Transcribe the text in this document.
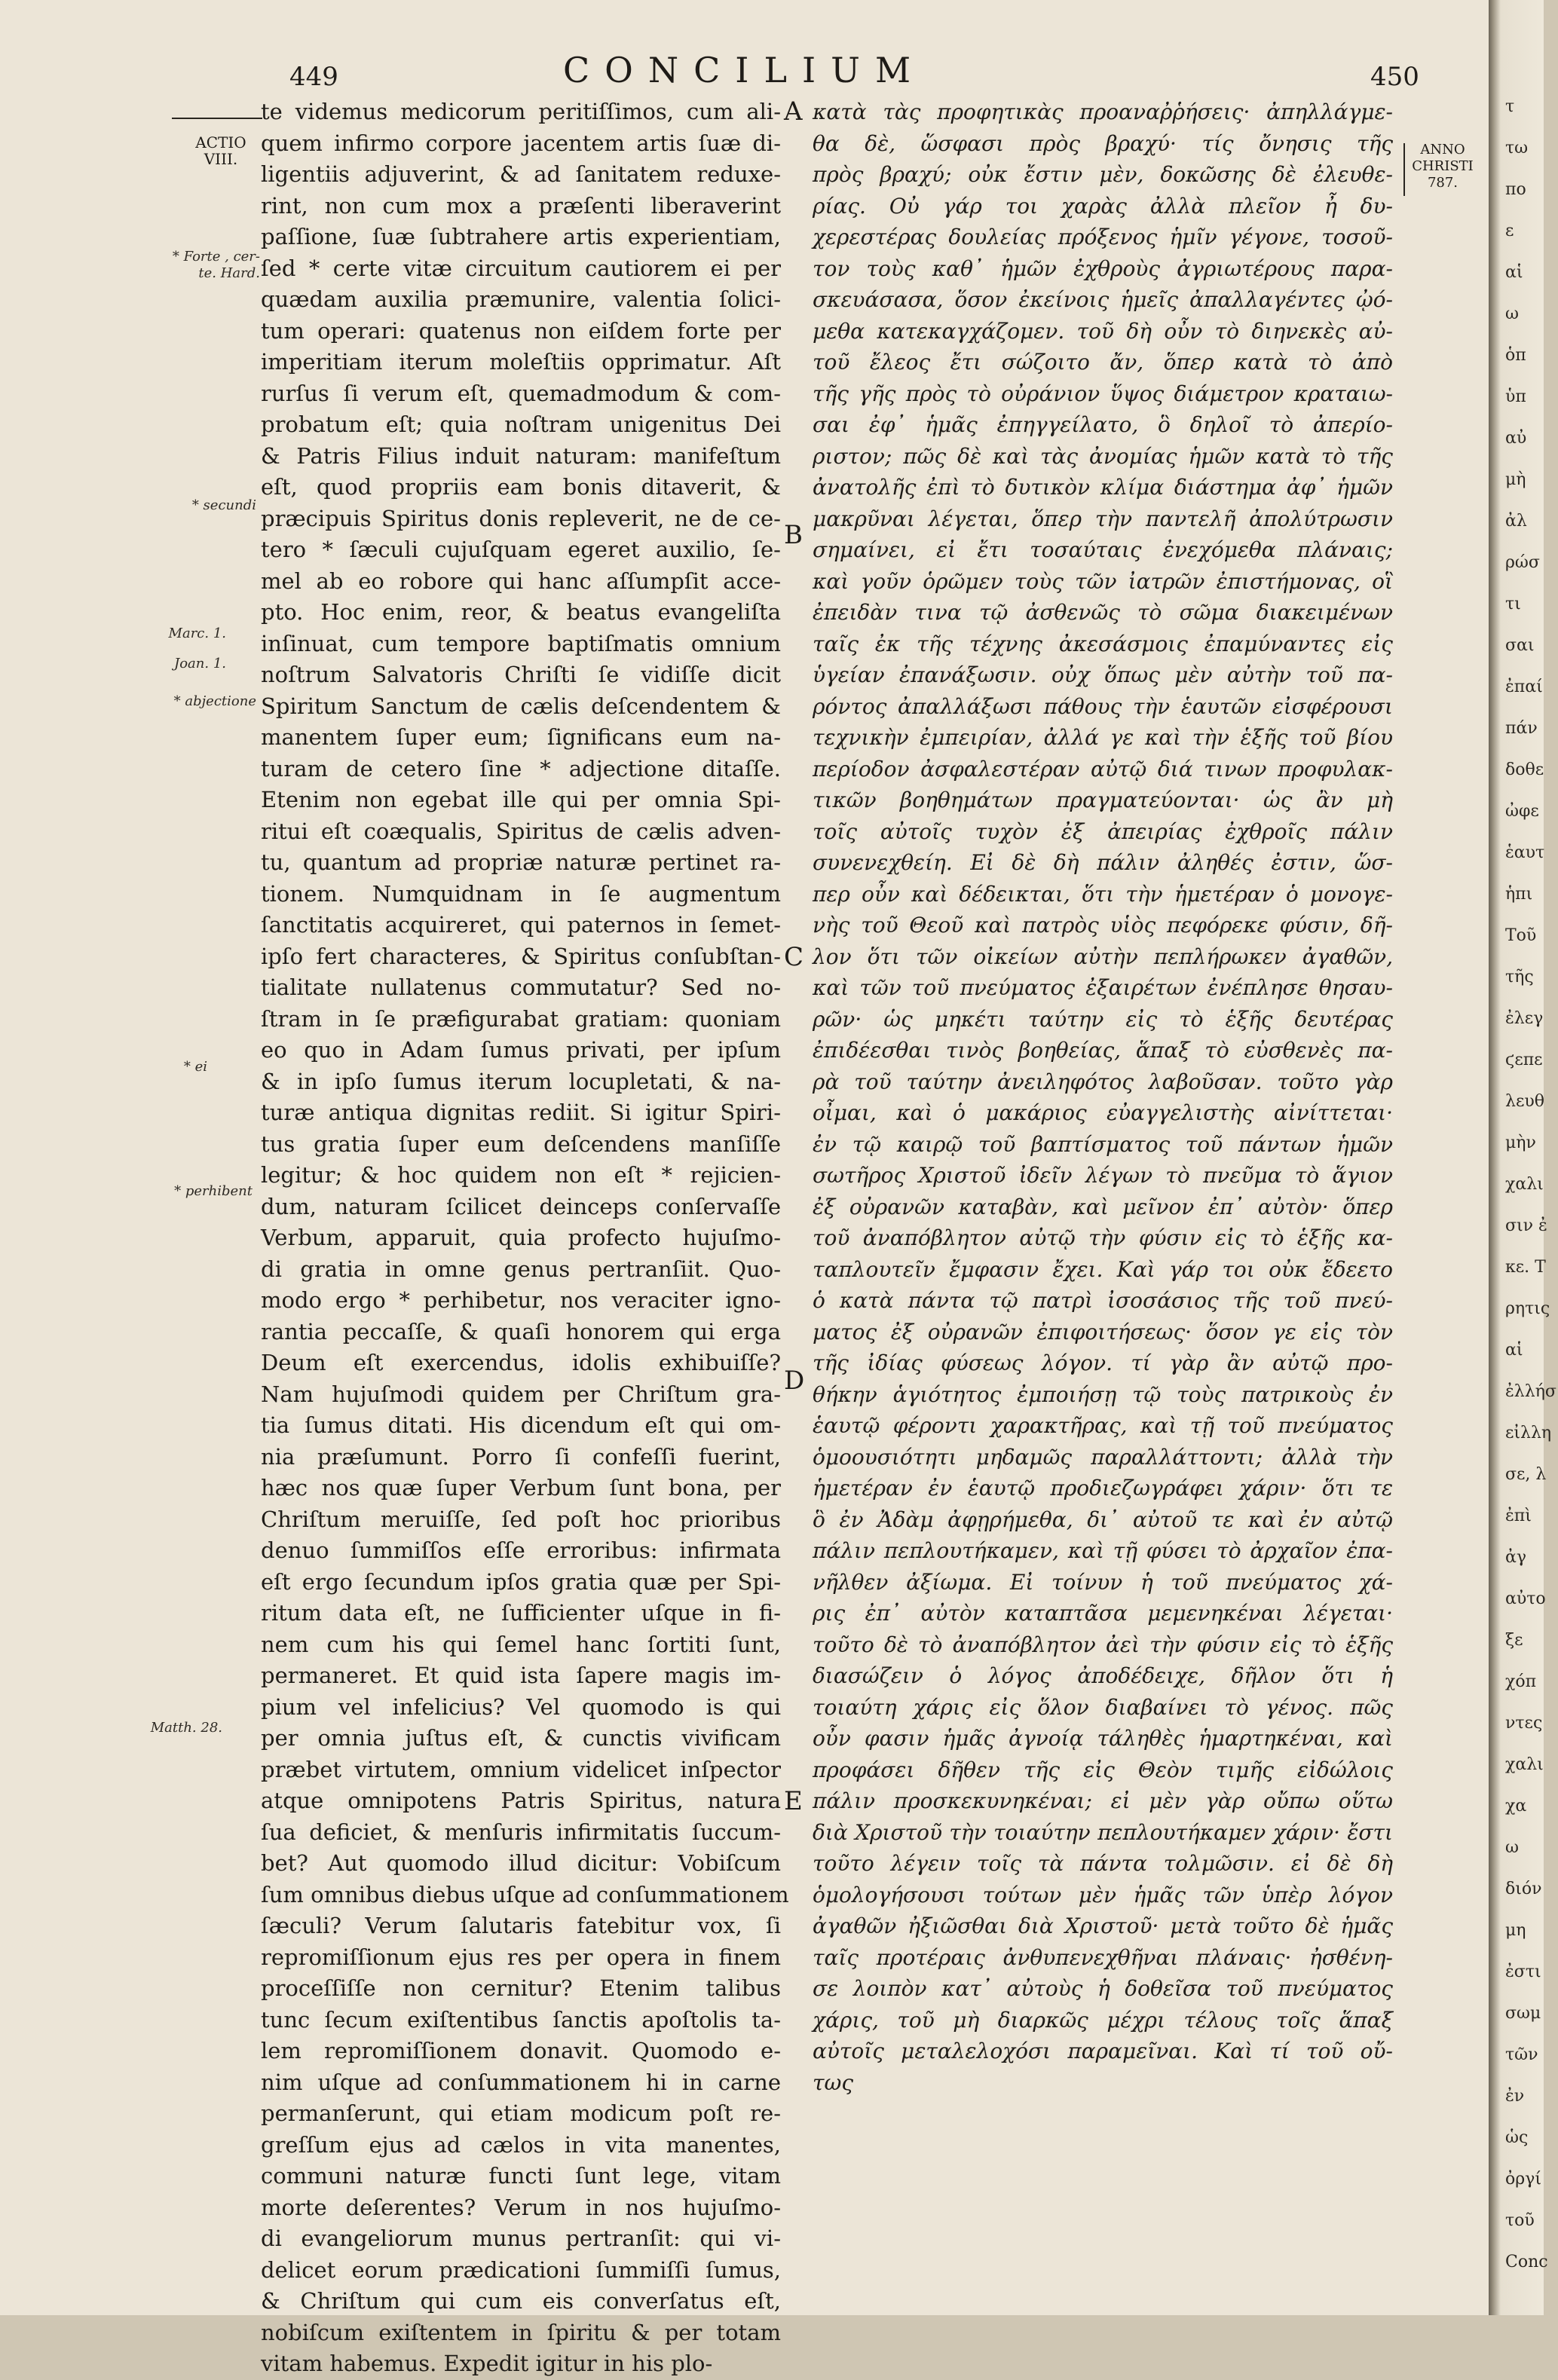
449	CONCILIUM	450
ACTIO
VIII.
* Forte , cer-
te. Hard.
* secundi
Marc. 1.
Joan. 1.
* abjectione
* ei
* perhibent
Matth. 28.
A
B
C
D
E
ANNO
CHRISTI
787.
te videmus medicorum peritiſſimos, cum ali-
quem infirmo corpore jacentem artis ſuæ di-
ligentiis adjuverint, & ad ſanitatem reduxe-
rint, non cum mox a præſenti liberaverint
paſſione, ſuæ ſubtrahere artis experientiam,
ſed * certe vitæ circuitum cautiorem ei per
quædam auxilia præmunire, valentia ſolici-
tum operari: quatenus non eiſdem forte per
imperitiam iterum moleſtiis opprimatur. Aſt
rurſus ſi verum eſt, quemadmodum & com-
probatum eſt; quia noſtram unigenitus Dei
& Patris Filius induit naturam: manifeſtum
eſt, quod propriis eam bonis ditaverit, &
præcipuis Spiritus donis repleverit, ne de ce-
tero * ſæculi cujuſquam egeret auxilio, ſe-
mel ab eo robore qui hanc aſſumpſit acce-
pto. Hoc enim, reor, & beatus evangeliſta
inſinuat, cum tempore baptiſmatis omnium
noſtrum Salvatoris Chriſti ſe vidiſſe dicit
Spiritum Sanctum de cælis deſcendentem &
manentem ſuper eum; ſignificans eum na-
turam de cetero ſine * adjectione ditaſſe.
Etenim non egebat ille qui per omnia Spi-
ritui eſt coæqualis, Spiritus de cælis adven-
tu, quantum ad propriæ naturæ pertinet ra-
tionem. Numquidnam in ſe augmentum
ſanctitatis acquireret, qui paternos in ſemet-
ipſo fert characteres, & Spiritus conſubſtan-
tialitate nullatenus commutatur? Sed no-
ſtram in ſe præfigurabat gratiam: quoniam
eo quo in Adam ſumus privati, per ipſum
& in ipſo ſumus iterum locupletati, & na-
turæ antiqua dignitas rediit. Si igitur Spiri-
tus gratia ſuper eum deſcendens manſiſſe
legitur; & hoc quidem non eſt * rejicien-
dum, naturam ſcilicet deinceps conſervaſſe
Verbum, apparuit, quia profecto hujuſmo-
di gratia in omne genus pertranſiit. Quo-
modo ergo * perhibetur, nos veraciter igno-
rantia peccaſſe, & quaſi honorem qui erga
Deum eſt exercendus, idolis exhibuiſſe?
Nam hujuſmodi quidem per Chriſtum gra-
tia ſumus ditati. His dicendum eſt qui om-
nia præſumunt. Porro ſi confeſſi fuerint,
hæc nos quæ ſuper Verbum ſunt bona, per
Chriſtum meruiſſe, ſed poſt hoc prioribus
denuo ſummiſſos eſſe erroribus: infirmata
eſt ergo ſecundum ipſos gratia quæ per Spi-
ritum data eſt, ne ſufficienter uſque in fi-
nem cum his qui ſemel hanc ſortiti ſunt,
permaneret. Et quid ista ſapere magis im-
pium vel infelicius? Vel quomodo is qui
per omnia juſtus eſt, & cunctis vivificam
præbet virtutem, omnium videlicet inſpector
atque omnipotens Patris Spiritus, natura
ſua deficiet, & menſuris infirmitatis ſuccum-
bet? Aut quomodo illud dicitur: Vobiſcum
ſum omnibus diebus uſque ad conſummationem
ſæculi? Verum ſalutaris fatebitur vox, ſi
repromiſſionum ejus res per opera in finem
proceſſiſſe non cernitur? Etenim talibus
tunc ſecum exiſtentibus ſanctis apoſtolis ta-
lem repromiſſionem donavit. Quomodo e-
nim uſque ad conſummationem hi in carne
permanſerunt, qui etiam modicum poſt re-
greſſum ejus ad cælos in vita manentes,
communi naturæ functi ſunt lege, vitam
morte deſerentes? Verum in nos hujuſmo-
di evangeliorum munus pertranſit: qui vi-
delicet eorum prædicationi ſummiſſi ſumus,
& Chriſtum qui cum eis converſatus eſt,
nobiſcum exiſtentem in ſpiritu & per totam
vitam habemus. Expedit igitur in his plo-
κατὰ τὰς προφητικὰς προαναῤῥήσεις· ἀπηλλάγμε-
θα δὲ, ὥσφασι πρὸς βραχύ· τίς ὄνησις τῆς
πρὸς βραχύ; οὐκ ἔστιν μὲν, δοκῶσης δὲ ἐλευθε-
ρίας. Οὐ γάρ τοι χαρὰς ἀλλὰ πλεῖον ἦ δυ-
χερεστέρας δουλείας πρόξενος ἡμῖν γέγονε, τοσοῦ-
τον τοὺς καθ᾽ ἡμῶν ἐχθροὺς ἀγριωτέρους παρα-
σκευάσασα, ὅσον ἐκείνοις ἡμεῖς ἀπαλλαγέντες ᾠό-
μεθα κατεκαγχάζομεν. τοῦ δὴ οὖν τὸ διηνεκὲς αὐ-
τοῦ ἔλεος ἔτι σώζοιτο ἄν, ὅπερ κατὰ τὸ ἀπὸ
τῆς γῆς πρὸς τὸ οὐράνιον ὕψος διάμετρον κραταιω-
σαι ἐφ᾽ ἡμᾶς ἐπηγγείλατο, ὃ δηλοῖ τὸ ἀπερίο-
ριστον; πῶς δὲ καὶ τὰς ἀνομίας ἡμῶν κατὰ τὸ τῆς
ἀνατολῆς ἐπὶ τὸ δυτικὸν κλίμα διάστημα ἀφ᾽ ἡμῶν
μακρῦναι λέγεται, ὅπερ τὴν παντελῆ ἀπολύτρωσιν
σημαίνει, εἰ ἔτι τοσαύταις ἐνεχόμεθα πλάναις;
καὶ γοῦν ὁρῶμεν τοὺς τῶν ἰατρῶν ἐπιστήμονας, οἳ
ἐπειδὰν τινα τῷ ἀσθενῶς τὸ σῶμα διακειμένων
ταῖς ἐκ τῆς τέχνης ἀκεσάσμοις ἐπαμύναντες εἰς
ὑγείαν ἐπανάξωσιν. οὐχ ὅπως μὲν αὐτὴν τοῦ πα-
ρόντος ἀπαλλάξωσι πάθους τὴν ἑαυτῶν εἰσφέρουσι
τεχνικὴν ἐμπειρίαν, ἀλλά γε καὶ τὴν ἑξῆς τοῦ βίου
περίοδον ἀσφαλεστέραν αὐτῷ διά τινων προφυλακ-
τικῶν βοηθημάτων πραγματεύονται· ὡς ἂν μὴ
τοῖς αὐτοῖς τυχὸν ἐξ ἀπειρίας ἐχθροῖς πάλιν
συνενεχθείη. Εἰ δὲ δὴ πάλιν ἀληθές ἐστιν, ὥσ-
περ οὖν καὶ δέδεικται, ὅτι τὴν ἡμετέραν ὁ μονογε-
νὴς τοῦ Θεοῦ καὶ πατρὸς υἱὸς πεφόρεκε φύσιν, δῆ-
λον ὅτι τῶν οἰκείων αὐτὴν πεπλήρωκεν ἀγαθῶν,
καὶ τῶν τοῦ πνεύματος ἐξαιρέτων ἐνέπλησε θησαυ-
ρῶν· ὡς μηκέτι ταύτην εἰς τὸ ἑξῆς δευτέρας
ἐπιδέεσθαι τινὸς βοηθείας, ἅπαξ τὸ εὐσθενὲς πα-
ρὰ τοῦ ταύτην ἀνειληφότος λαβοῦσαν. τοῦτο γὰρ
οἶμαι, καὶ ὁ μακάριος εὐαγγελιστὴς αἰνίττεται·
ἐν τῷ καιρῷ τοῦ βαπτίσματος τοῦ πάντων ἡμῶν
σωτῆρος Χριστοῦ ἰδεῖν λέγων τὸ πνεῦμα τὸ ἅγιον
ἐξ οὐρανῶν καταβὰν, καὶ μεῖνον ἐπ᾽ αὐτὸν· ὅπερ
τοῦ ἀναπόβλητον αὐτῷ τὴν φύσιν εἰς τὸ ἑξῆς κα-
ταπλουτεῖν ἔμφασιν ἔχει. Καὶ γάρ τοι οὐκ ἔδεετο
ὁ κατὰ πάντα τῷ πατρὶ ἰσοσάσιος τῆς τοῦ πνεύ-
ματος ἐξ οὐρανῶν ἐπιφοιτήσεως· ὅσον γε εἰς τὸν
τῆς ἰδίας φύσεως λόγον. τί γὰρ ἂν αὐτῷ προ-
θήκην ἁγιότητος ἐμποιήσῃ τῷ τοὺς πατρικοὺς ἐν
ἑαυτῷ φέροντι χαρακτῆρας, καὶ τῇ τοῦ πνεύματος
ὁμοουσιότητι μηδαμῶς παραλλάττοντι; ἀλλὰ τὴν
ἡμετέραν ἐν ἑαυτῷ προδιεζωγράφει χάριν· ὅτι τε
ὃ ἐν Ἀδὰμ ἀφῃρήμεθα, δι᾽ αὐτοῦ τε καὶ ἐν αὐτῷ
πάλιν πεπλουτήκαμεν, καὶ τῇ φύσει τὸ ἀρχαῖον ἐπα-
νῆλθεν ἀξίωμα. Εἰ τοίνυν ἡ τοῦ πνεύματος χά-
ρις ἐπ᾽ αὐτὸν καταπτᾶσα μεμενηκέναι λέγεται·
τοῦτο δὲ τὸ ἀναπόβλητον ἀεὶ τὴν φύσιν εἰς τὸ ἑξῆς
διασώζειν ὁ λόγος ἀποδέδειχε, δῆλον ὅτι ἡ
τοιαύτη χάρις εἰς ὅλον διαβαίνει τὸ γένος. πῶς
οὖν φασιν ἡμᾶς ἀγνοίᾳ τάληθὲς ἡμαρτηκέναι, καὶ
προφάσει δῆθεν τῆς εἰς Θεὸν τιμῆς εἰδώλοις
πάλιν προσκεκυνηκέναι; εἰ μὲν γὰρ οὔπω οὕτω
διὰ Χριστοῦ τὴν τοιαύτην πεπλουτήκαμεν χάριν· ἔστι
τοῦτο λέγειν τοῖς τὰ πάντα τολμῶσιν. εἰ δὲ δὴ
ὁμολογήσουσι τούτων μὲν ἡμᾶς τῶν ὑπὲρ λόγον
ἀγαθῶν ἠξιῶσθαι διὰ Χριστοῦ· μετὰ τοῦτο δὲ ἡμᾶς
ταῖς προτέραις ἀνθυπενεχθῆναι πλάναις· ἠσθένη-
σε λοιπὸν κατ᾽ αὐτοὺς ἡ δοθεῖσα τοῦ πνεύματος
χάρις, τοῦ μὴ διαρκῶς μέχρι τέλους τοῖς ἅπαξ
αὐτοῖς μεταλελοχόσι παραμεῖναι. Καὶ τί τοῦ οὔ-
τως
τ
τω
πο
ε
αἱ
ω
ὁπ
ὑπ
αὐ
μὴ
ἀλ
ρώσ
τι
σαι
ἐπαί
πάν
δοθε
ὠφε
ἑαυτ
ἡπι
Τοῦ
τῆς
ἐλεγ
ϛεπε
λευθ
μὴν
χαλι
σιν ἐ
κε. Τ
ρητις
αἱ
ἐλλήσ
εἰλλη
σε, λ
ἐπὶ
ἀγ
αὐτο
ξε
χόπ
ντες
χαλι
χα
ω
διόν
μη
ἐστι
σωμ
τῶν
ἐν
ὡς
ὀργί
τοῦ
Conc
